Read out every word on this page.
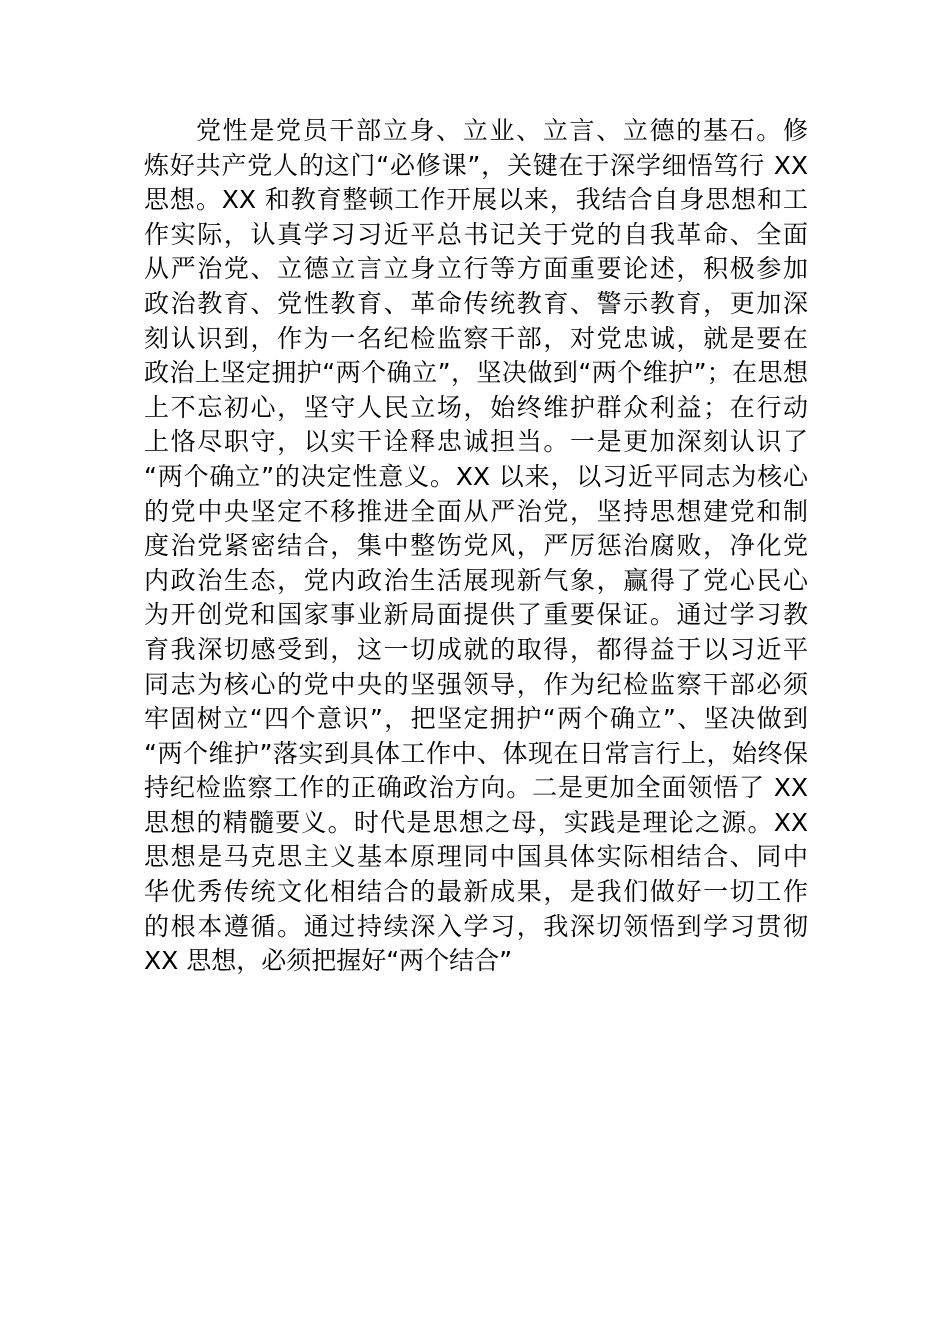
党性是党员干部立身、立业、立言、立德的基石。修
炼好共产党人的这门“必修课”，关键在于深学细悟笃行 XX
思想。XX 和教育整顿工作开展以来，我结合自身思想和工
作实际，认真学习习近平总书记关于党的自我革命、全面
从严治党、立德立言立身立行等方面重要论述，积极参加
政治教育、党性教育、革命传统教育、警示教育，更加深
刻认识到，作为一名纪检监察干部，对党忠诚，就是要在
政治上坚定拥护“两个确立”，坚决做到“两个维护”；在思想
上不忘初心，坚守人民立场，始终维护群众利益；在行动
上恪尽职守，以实干诠释忠诚担当。一是更加深刻认识了
“两个确立”的决定性意义。XX 以来，以习近平同志为核心
的党中央坚定不移推进全面从严治党，坚持思想建党和制
度治党紧密结合，集中整饬党风，严厉惩治腐败，净化党
内政治生态，党内政治生活展现新气象，赢得了党心民心
为开创党和国家事业新局面提供了重要保证。通过学习教
育我深切感受到，这一切成就的取得，都得益于以习近平
同志为核心的党中央的坚强领导，作为纪检监察干部必须
牢固树立“四个意识”，把坚定拥护“两个确立”、坚决做到
“两个维护”落实到具体工作中、体现在日常言行上，始终保
持纪检监察工作的正确政治方向。二是更加全面领悟了 XX
思想的精髓要义。时代是思想之母，实践是理论之源。XX
思想是马克思主义基本原理同中国具体实际相结合、同中
华优秀传统文化相结合的最新成果，是我们做好一切工作
的根本遵循。通过持续深入学习，我深切领悟到学习贯彻
XX 思想，必须把握好“两个结合”
